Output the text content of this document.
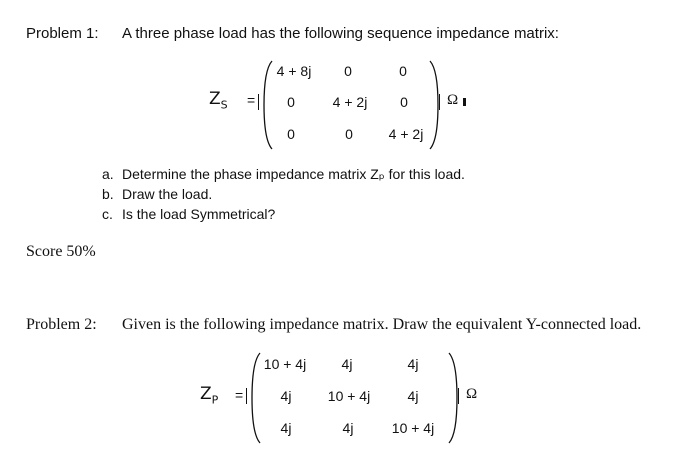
Problem 1: A three phase load has the following sequence impedance matrix:
$Z_S$ =
4 + 8j	0	0
0	4 + 2j	0
0	0	4 + 2j
Ω
a. Determine the phase impedance matrix Zₚ for this load.
b. Draw the load.
c. Is the load Symmetrical?
Score 50%
Problem 2: Given is the following impedance matrix. Draw the equivalent Y-connected load.
$Z_P$ =
10 + 4j	4j	4j
4j	10 + 4j	4j
4j	4j	10 + 4j
Ω
